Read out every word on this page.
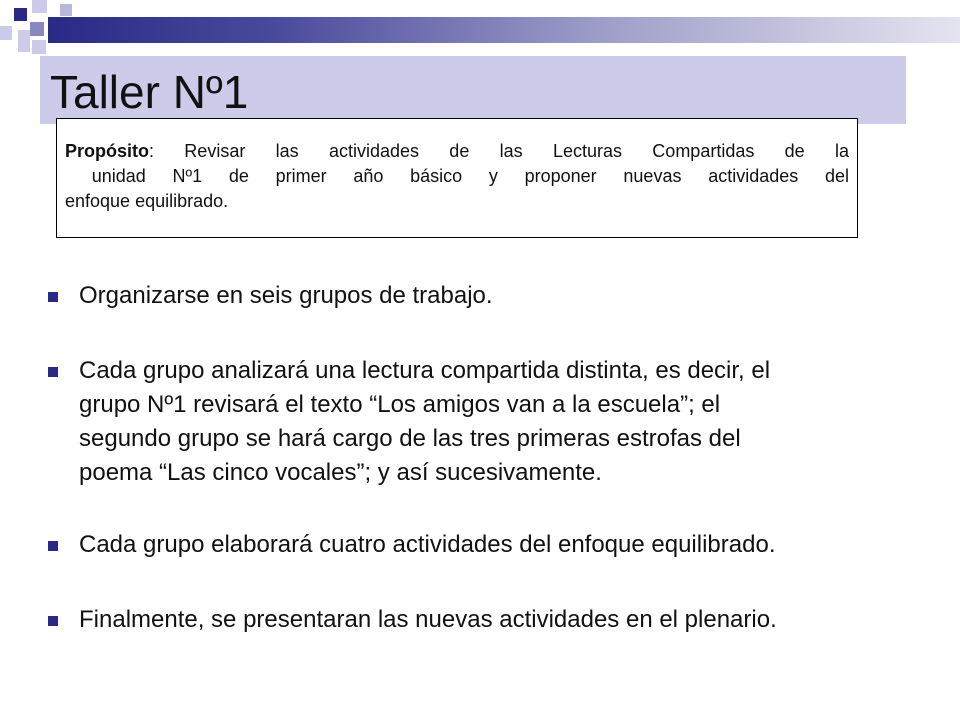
Taller Nº1
Propósito: Revisar las actividades de las Lecturas Compartidas de la
unidad Nº1 de primer año básico y proponer nuevas actividades del
enfoque equilibrado.
Organizarse en seis grupos de trabajo.
Cada grupo analizará una lectura compartida distinta, es decir, el
grupo Nº1 revisará el texto “Los amigos van a la escuela”; el
segundo grupo se hará cargo de las tres primeras estrofas del
poema “Las cinco vocales”; y así sucesivamente.
Cada grupo elaborará cuatro actividades del enfoque equilibrado.
Finalmente, se presentaran las nuevas actividades en el plenario.
